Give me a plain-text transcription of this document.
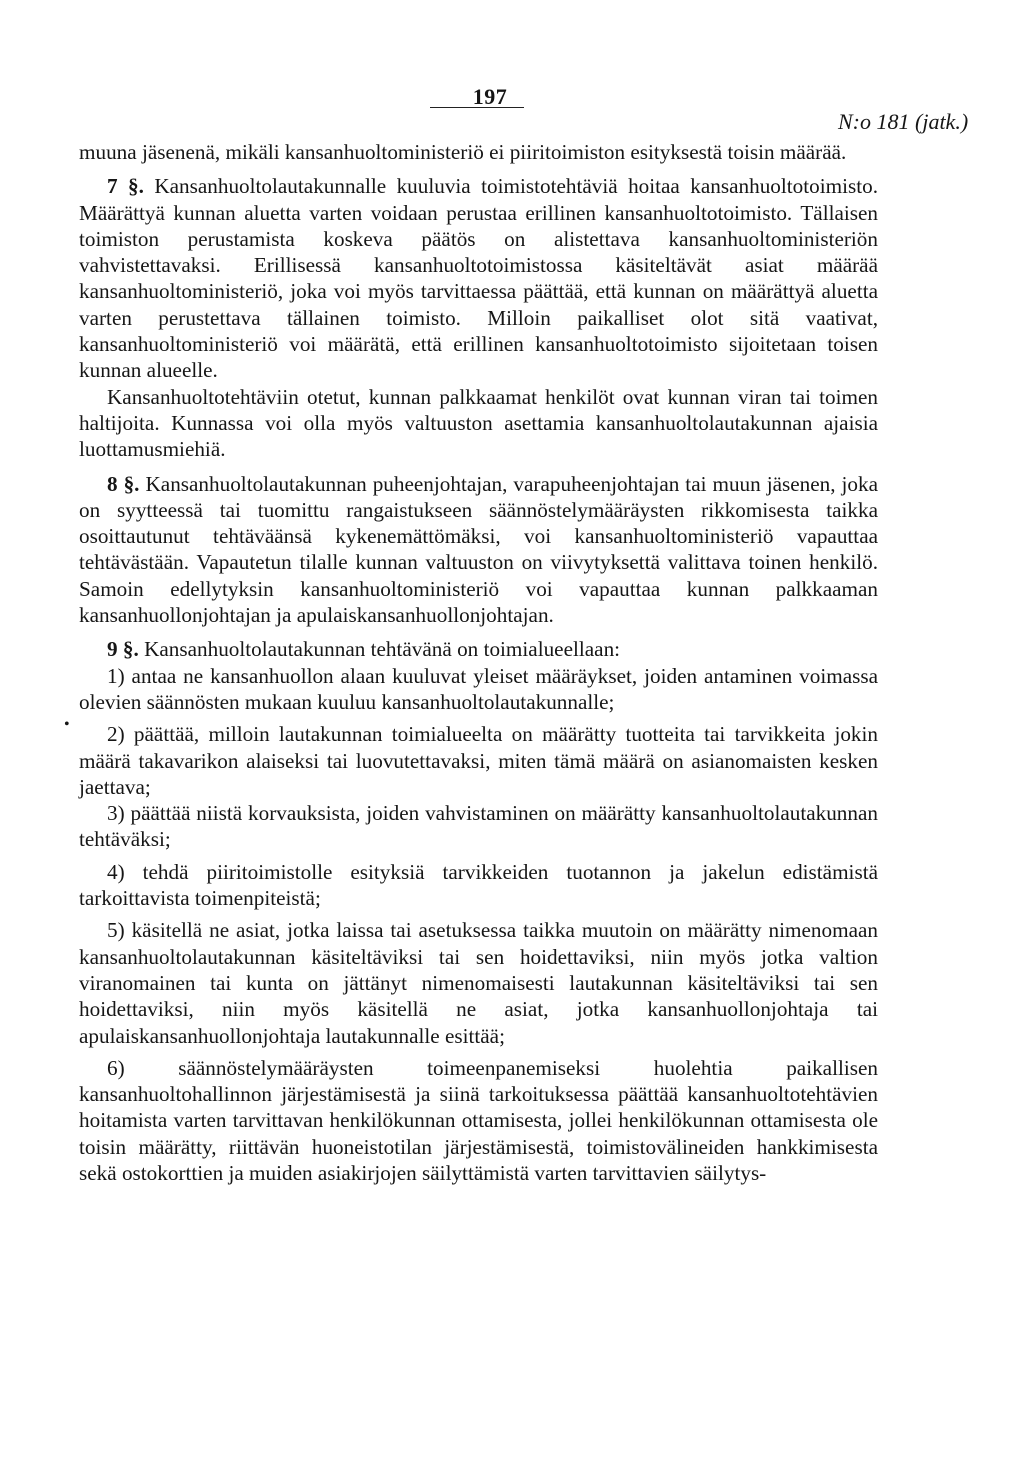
197
N:o 181 (jatk.)
•

muuna jäsenenä, mikäli kansanhuoltoministeriö ei piiritoimiston esityksestä toisin määrää.

7 §. Kansanhuoltolautakunnalle kuuluvia toimistotehtäviä hoitaa kansanhuoltotoimisto. Määrättyä kunnan aluetta varten voidaan perustaa erillinen kansanhuoltotoimisto. Tällaisen toimiston perustamista koskeva päätös on alistettava kansanhuoltoministeriön vahvistettavaksi. Erillisessä kansanhuoltotoimistossa käsiteltävät asiat määrää kansanhuoltoministeriö, joka voi myös tarvittaessa päättää, että kunnan on määrättyä aluetta varten perustettava tällainen toimisto. Milloin paikalliset olot sitä vaativat, kansanhuoltoministeriö voi määrätä, että erillinen kansanhuoltotoimisto sijoitetaan toisen kunnan alueelle.

Kansanhuoltotehtäviin otetut, kunnan palkkaamat henkilöt ovat kunnan viran tai toimen haltijoita. Kunnassa voi olla myös valtuuston asettamia kansanhuoltolautakunnan ajaisia luottamusmiehiä.

8 §. Kansanhuoltolautakunnan puheenjohtajan, varapuheenjohtajan tai muun jäsenen, joka on syytteessä tai tuomittu rangaistukseen säännöstelymääräysten rikkomisesta taikka osoittautunut tehtäväänsä kykenemättömäksi, voi kansanhuoltoministeriö vapauttaa tehtävästään. Vapautetun tilalle kunnan valtuuston on viivytyksettä valittava toinen henkilö. Samoin edellytyksin kansanhuoltoministeriö voi vapauttaa kunnan palkkaaman kansanhuollonjohtajan ja apulaiskansanhuollonjohtajan.

9 §. Kansanhuoltolautakunnan tehtävänä on toimialueellaan:

1) antaa ne kansanhuollon alaan kuuluvat yleiset määräykset, joiden antaminen voimassa olevien säännösten mukaan kuuluu kansanhuoltolautakunnalle;

2) päättää, milloin lautakunnan toimialueelta on määrätty tuotteita tai tarvikkeita jokin määrä takavarikon alaiseksi tai luovutettavaksi, miten tämä määrä on asianomaisten kesken jaettava;

3) päättää niistä korvauksista, joiden vahvistaminen on määrätty kansanhuoltolautakunnan tehtäväksi;

4) tehdä piiritoimistolle esityksiä tarvikkeiden tuotannon ja jakelun edistämistä tarkoittavista toimenpiteistä;

5) käsitellä ne asiat, jotka laissa tai asetuksessa taikka muutoin on määrätty nimenomaan kansanhuoltolautakunnan käsiteltäviksi tai sen hoidettaviksi, niin myös jotka valtion viranomainen tai kunta on jättänyt nimenomaisesti lautakunnan käsiteltäviksi tai sen hoidettaviksi, niin myös käsitellä ne asiat, jotka kansanhuollonjohtaja tai apulaiskansanhuollonjohtaja lautakunnalle esittää;

6) säännöstelymääräysten toimeenpanemiseksi huolehtia paikallisen kansanhuoltohallinnon järjestämisestä ja siinä tarkoituksessa päättää kansanhuoltotehtävien hoitamista varten tarvittavan henkilökunnan ottamisesta, jollei henkilökunnan ottamisesta ole toisin määrätty, riittävän huoneistotilan järjestämisestä, toimistovälineiden hankkimisesta sekä ostokorttien ja muiden asiakirjojen säilyttämistä varten tarvittavien säilytys-
